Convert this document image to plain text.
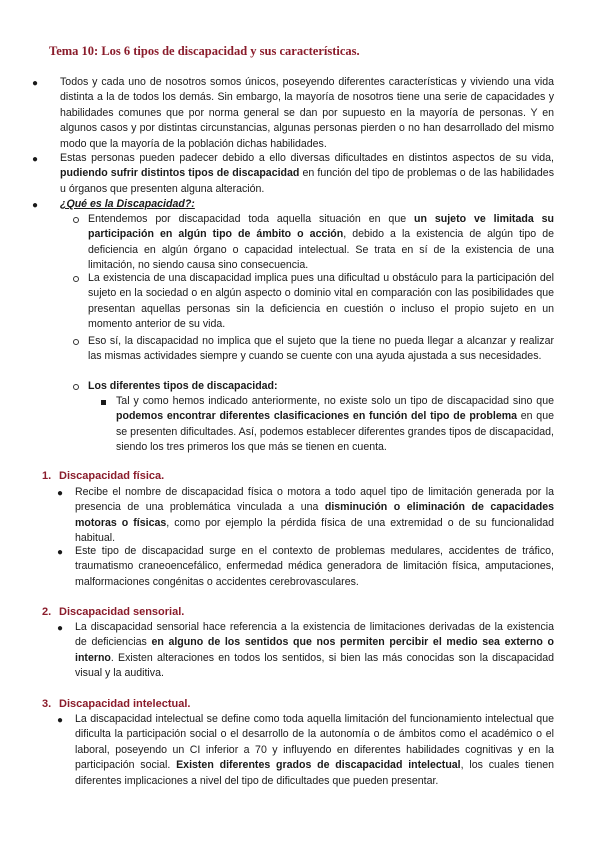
Tema 10: Los 6 tipos de discapacidad y sus características.
● Todos y cada uno de nosotros somos únicos, poseyendo diferentes características y viviendo una vida distinta a la de todos los demás. Sin embargo, la mayoría de nosotros tiene una serie de capacidades y habilidades comunes que por norma general se dan por supuesto en la mayoría de personas. Y en algunos casos y por distintas circunstancias, algunas personas pierden o no han desarrollado del mismo modo que la mayoría de la población dichas habilidades.

● Estas personas pueden padecer debido a ello diversas dificultades en distintos aspectos de su vida, pudiendo sufrir distintos tipos de discapacidad en función del tipo de problemas o de las habilidades u órganos que presenten alguna alteración.

● ¿Qué es la Discapacidad?:

Entendemos por discapacidad toda aquella situación en que un sujeto ve limitada su participación en algún tipo de ámbito o acción, debido a la existencia de algún tipo de deficiencia en algún órgano o capacidad intelectual. Se trata en sí de la existencia de una limitación, no siendo causa sino consecuencia.

La existencia de una discapacidad implica pues una dificultad u obstáculo para la participación del sujeto en la sociedad o en algún aspecto o dominio vital en comparación con las posibilidades que presentan aquellas personas sin la deficiencia en cuestión o incluso el propio sujeto en un momento anterior de su vida.

Eso sí, la discapacidad no implica que el sujeto que la tiene no pueda llegar a alcanzar y realizar las mismas actividades siempre y cuando se cuente con una ayuda ajustada a sus necesidades.

Los diferentes tipos de discapacidad:

Tal y como hemos indicado anteriormente, no existe solo un tipo de discapacidad sino que podemos encontrar diferentes clasificaciones en función del tipo de problema en que se presenten dificultades. Así, podemos establecer diferentes grandes tipos de discapacidad, siendo los tres primeros los que más se tienen en cuenta.

1. Discapacidad física.
● Recibe el nombre de discapacidad física o motora a todo aquel tipo de limitación generada por la presencia de una problemática vinculada a una disminución o eliminación de capacidades motoras o físicas, como por ejemplo la pérdida física de una extremidad o de su funcionalidad habitual.

● Este tipo de discapacidad surge en el contexto de problemas medulares, accidentes de tráfico, traumatismo craneoencefálico, enfermedad médica generadora de limitación física, amputaciones, malformaciones congénitas o accidentes cerebrovasculares.

2. Discapacidad sensorial.
● La discapacidad sensorial hace referencia a la existencia de limitaciones derivadas de la existencia de deficiencias en alguno de los sentidos que nos permiten percibir el medio sea externo o interno. Existen alteraciones en todos los sentidos, si bien las más conocidas son la discapacidad visual y la auditiva.

3. Discapacidad intelectual.
● La discapacidad intelectual se define como toda aquella limitación del funcionamiento intelectual que dificulta la participación social o el desarrollo de la autonomía o de ámbitos como el académico o el laboral, poseyendo un CI inferior a 70 y influyendo en diferentes habilidades cognitivas y en la participación social. Existen diferentes grados de discapacidad intelectual, los cuales tienen diferentes implicaciones a nivel del tipo de dificultades que pueden presentar.
